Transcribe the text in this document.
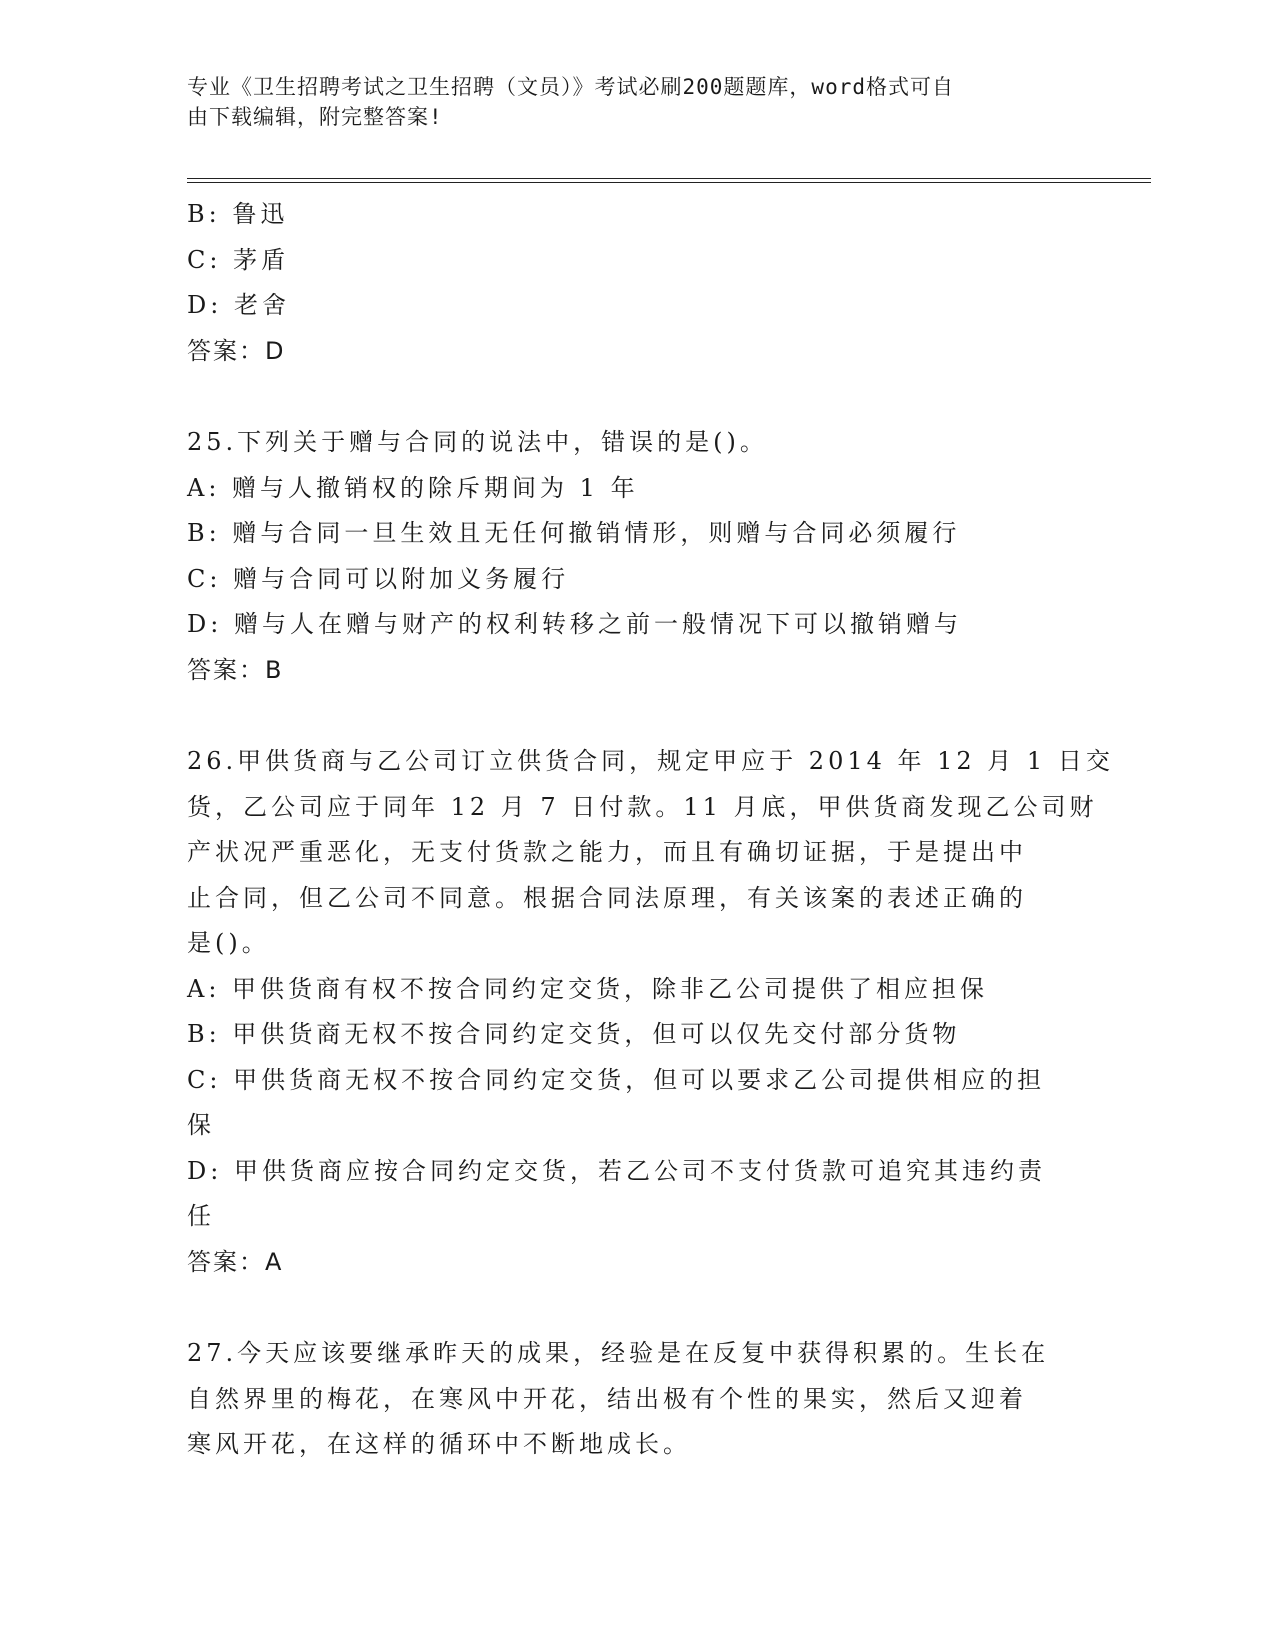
专业《卫生招聘考试之卫生招聘（文员）》考试必刷200题题库，word格式可自
由下载编辑，附完整答案!
B: 鲁迅
C: 茅盾
D: 老舍
答案：D
25.下列关于赠与合同的说法中，错误的是()。
A: 赠与人撤销权的除斥期间为 1 年
B: 赠与合同一旦生效且无任何撤销情形，则赠与合同必须履行
C: 赠与合同可以附加义务履行
D: 赠与人在赠与财产的权利转移之前一般情况下可以撤销赠与
答案：B
26.甲供货商与乙公司订立供货合同，规定甲应于 2014 年 12 月 1 日交
货，乙公司应于同年 12 月 7 日付款。11 月底，甲供货商发现乙公司财
产状况严重恶化，无支付货款之能力，而且有确切证据，于是提出中
止合同，但乙公司不同意。根据合同法原理，有关该案的表述正确的
是()。
A: 甲供货商有权不按合同约定交货，除非乙公司提供了相应担保
B: 甲供货商无权不按合同约定交货，但可以仅先交付部分货物
C: 甲供货商无权不按合同约定交货，但可以要求乙公司提供相应的担
保
D: 甲供货商应按合同约定交货，若乙公司不支付货款可追究其违约责
任
答案：A
27.今天应该要继承昨天的成果，经验是在反复中获得积累的。生长在
自然界里的梅花，在寒风中开花，结出极有个性的果实，然后又迎着
寒风开花，在这样的循环中不断地成长。
